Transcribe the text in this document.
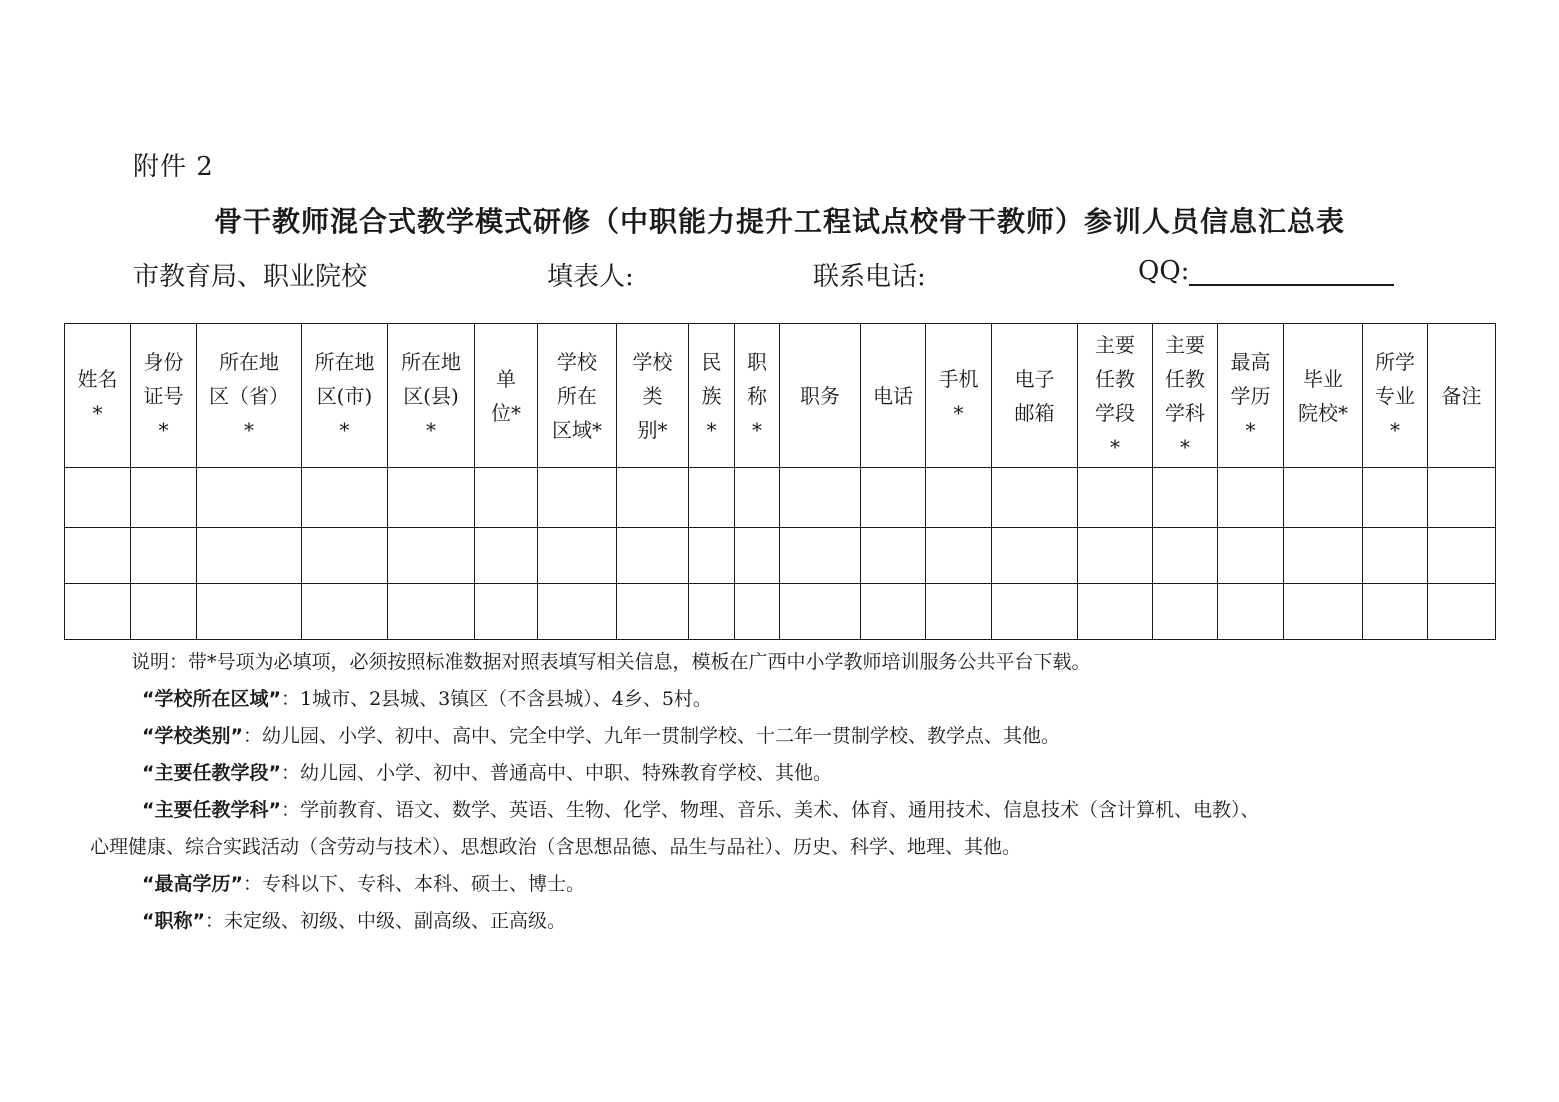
附件 2
骨干教师混合式教学模式研修（中职能力提升工程试点校骨干教师）参训人员信息汇总表
市教育局、职业院校	填表人:	联系电话:	QQ:
姓名
*	身份
证号
*	所在地
区（省）
*	所在地
区(市)
*	所在地
区(县)
*	单
位*	学校
所在
区域*	学校
类
别*	民
族
*	职
称
*	职务	电话	手机
*	电子
邮箱	主要
任教
学段
*	主要
任教
学科
*	最高
学历
*	毕业
院校*	所学
专业
*	备注

说明：带*号项为必填项，必须按照标准数据对照表填写相关信息，模板在广西中小学教师培训服务公共平台下载。

“学校所在区域”：1城市、2县城、3镇区（不含县城）、4乡、5村。

“学校类别”：幼儿园、小学、初中、高中、完全中学、九年一贯制学校、十二年一贯制学校、教学点、其他。

“主要任教学段”：幼儿园、小学、初中、普通高中、中职、特殊教育学校、其他。

“主要任教学科”：学前教育、语文、数学、英语、生物、化学、物理、音乐、美术、体育、通用技术、信息技术（含计算机、电教）、

心理健康、综合实践活动（含劳动与技术）、思想政治（含思想品德、品生与品社）、历史、科学、地理、其他。

“最高学历”：专科以下、专科、本科、硕士、博士。

“职称”：未定级、初级、中级、副高级、正高级。
